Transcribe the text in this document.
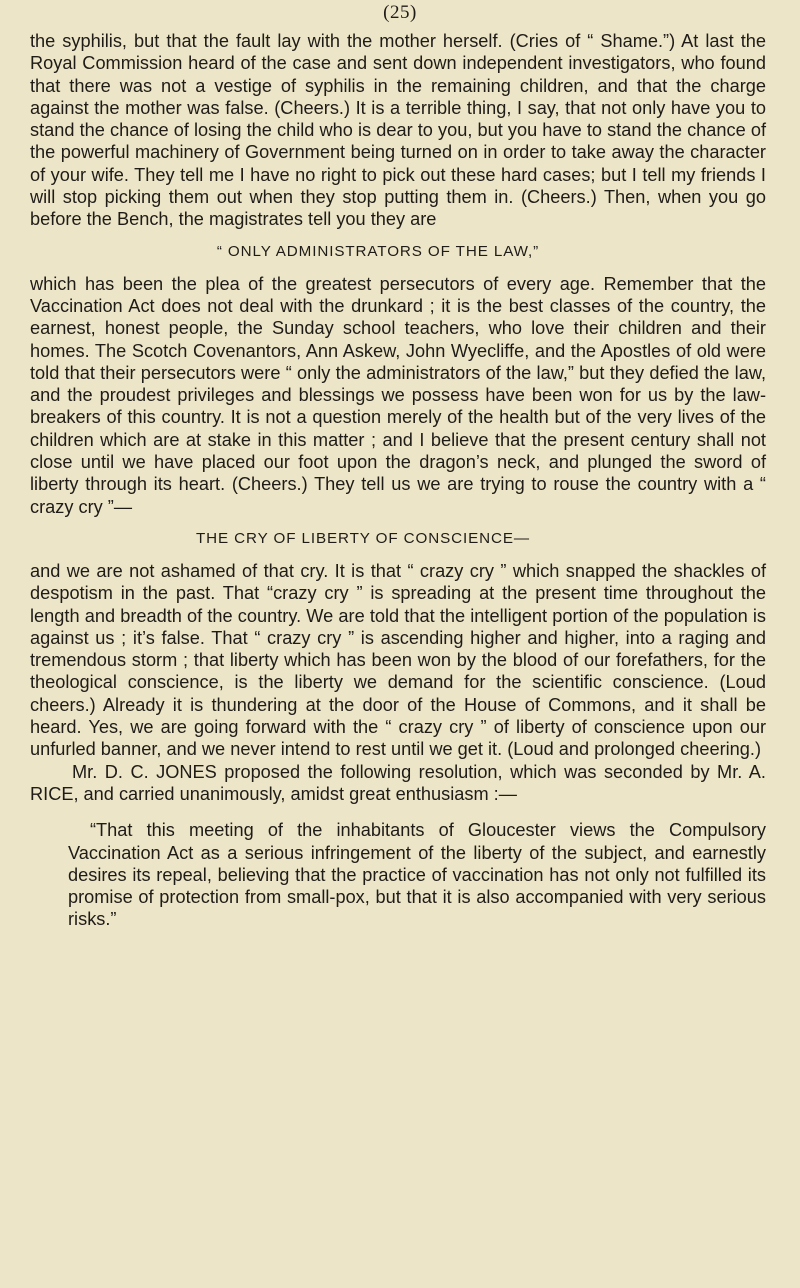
(25)

the syphilis, but that the fault lay with the mother herself. (Cries of “ Shame.”) At last the Royal Commission heard of the case and sent down independent investigators, who found that there was not a vestige of syphilis in the remaining children, and that the charge against the mother was false. (Cheers.) It is a terrible thing, I say, that not only have you to stand the chance of losing the child who is dear to you, but you have to stand the chance of the powerful machinery of Government being turned on in order to take away the character of your wife. They tell me I have no right to pick out these hard cases; but I tell my friends I will stop picking them out when they stop putting them in. (Cheers.) Then, when you go before the Bench, the magistrates tell you they are

“ ONLY ADMINISTRATORS OF THE LAW,”

which has been the plea of the greatest persecutors of every age. Remember that the Vaccination Act does not deal with the drunkard ; it is the best classes of the country, the earnest, honest people, the Sunday school teachers, who love their children and their homes. The Scotch Covenantors, Ann Askew, John Wyecliffe, and the Apostles of old were told that their persecutors were “ only the administrators of the law,” but they defied the law, and the proudest privileges and blessings we possess have been won for us by the law-breakers of this country. It is not a question merely of the health but of the very lives of the children which are at stake in this matter ; and I believe that the present century shall not close until we have placed our foot upon the dragon’s neck, and plunged the sword of liberty through its heart. (Cheers.) They tell us we are trying to rouse the country with a “ crazy cry ”—

THE CRY OF LIBERTY OF CONSCIENCE—

and we are not ashamed of that cry. It is that “ crazy cry ” which snapped the shackles of despotism in the past. That “crazy cry ” is spreading at the present time throughout the length and breadth of the country. We are told that the intelligent portion of the population is against us ; it’s false. That “ crazy cry ” is ascending higher and higher, into a raging and tremendous storm ; that liberty which has been won by the blood of our forefathers, for the theological conscience, is the liberty we demand for the scientific conscience. (Loud cheers.) Already it is thundering at the door of the House of Commons, and it shall be heard. Yes, we are going forward with the “ crazy cry ” of liberty of conscience upon our unfurled banner, and we never intend to rest until we get it. (Loud and prolonged cheering.)

Mr. D. C. JONES proposed the following resolution, which was seconded by Mr. A. RICE, and carried unanimously, amidst great enthusiasm :—

“That this meeting of the inhabitants of Gloucester views the Compulsory Vaccination Act as a serious infringement of the liberty of the subject, and earnestly desires its repeal, believing that the practice of vaccination has not only not fulfilled its promise of protection from small-pox, but that it is also accompanied with very serious risks.”
